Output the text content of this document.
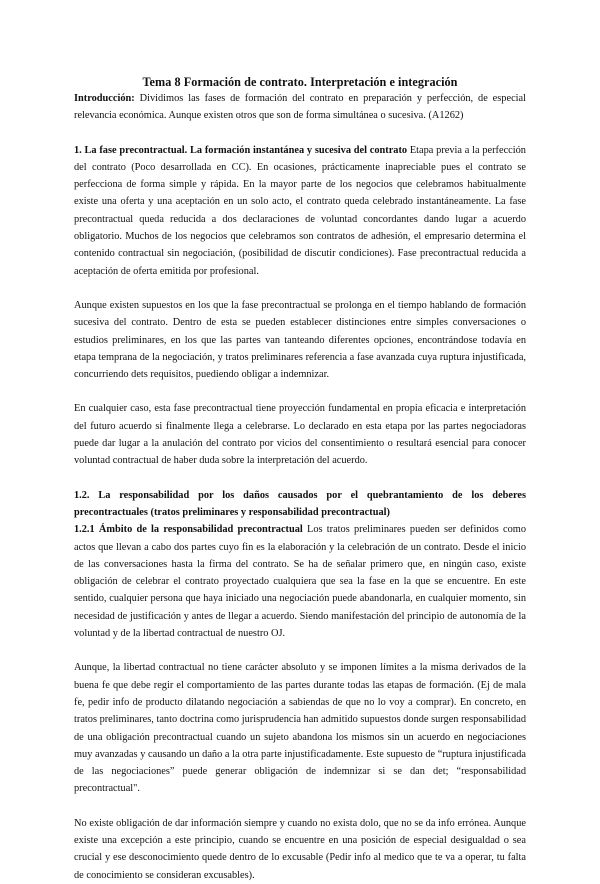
Tema 8 Formación de contrato. Interpretación e integración

Introducción: Dividimos las fases de formación del contrato en preparación y perfección, de especial relevancia económica. Aunque existen otros que son de forma simultánea o sucesiva. (A1262)

1. La fase precontractual. La formación instantánea y sucesiva del contrato Etapa previa a la perfección del contrato (Poco desarrollada en CC). En ocasiones, prácticamente inapreciable pues el contrato se perfecciona de forma simple y rápida. En la mayor parte de los negocios que celebramos habitualmente existe una oferta y una aceptación en un solo acto, el contrato queda celebrado instantáneamente. La fase precontractual queda reducida a dos declaraciones de voluntad concordantes dando lugar a acuerdo obligatorio. Muchos de los negocios que celebramos son contratos de adhesión, el empresario determina el contenido contractual sin negociación, (posibilidad de discutir condiciones). Fase precontractual reducida a aceptación de oferta emitida por profesional.

Aunque existen supuestos en los que la fase precontractual se prolonga en el tiempo hablando de formación sucesiva del contrato. Dentro de esta se pueden establecer distinciones entre simples conversaciones o estudios preliminares, en los que las partes van tanteando diferentes opciones, encontrándose todavía en etapa temprana de la negociación, y tratos preliminares referencia a fase avanzada cuya ruptura injustificada, concurriendo dets requisitos, puediendo obligar a indemnizar.

En cualquier caso, esta fase precontractual tiene proyección fundamental en propia eficacia e interpretación del futuro acuerdo si finalmente llega a celebrarse. Lo declarado en esta etapa por las partes negociadoras puede dar lugar a la anulación del contrato por vicios del consentimiento o resultará esencial para conocer voluntad contractual de haber duda sobre la interpretación del acuerdo.

1.2. La responsabilidad por los daños causados por el quebrantamiento de los deberes precontractuales (tratos preliminares y responsabilidad precontractual)

1.2.1 Ámbito de la responsabilidad precontractual Los tratos preliminares pueden ser definidos como actos que llevan a cabo dos partes cuyo fin es la elaboración y la celebración de un contrato. Desde el inicio de las conversaciones hasta la firma del contrato. Se ha de señalar primero que, en ningún caso, existe obligación de celebrar el contrato proyectado cualquiera que sea la fase en la que se encuentre. En este sentido, cualquier persona que haya iniciado una negociación puede abandonarla, en cualquier momento, sin necesidad de justificación y antes de llegar a acuerdo. Siendo manifestación del principio de autonomía de la voluntad y de la libertad contractual de nuestro OJ.

Aunque, la libertad contractual no tiene carácter absoluto y se imponen límites a la misma derivados de la buena fe que debe regir el comportamiento de las partes durante todas las etapas de formación. (Ej de mala fe, pedir info de producto dilatando negociación a sabiendas de que no lo voy a comprar). En concreto, en tratos preliminares, tanto doctrina como jurisprudencia han admitido supuestos donde surgen responsabilidad de una obligación precontractual cuando un sujeto abandona los mismos sin un acuerdo en negociaciones muy avanzadas y causando un daño a la otra parte injustificadamente. Este supuesto de “ruptura injustificada de las negociaciones” puede generar obligación de indemnizar si se dan det; “responsabilidad precontractual".

No existe obligación de dar información siempre y cuando no exista dolo, que no se da info errónea. Aunque existe una excepción a este principio, cuando se encuentre en una posición de especial desigualdad o sea crucial y ese desconocimiento quede dentro de lo excusable (Pedir info al medico que te va a operar, tu falta de conocimiento se consideran excusables).
